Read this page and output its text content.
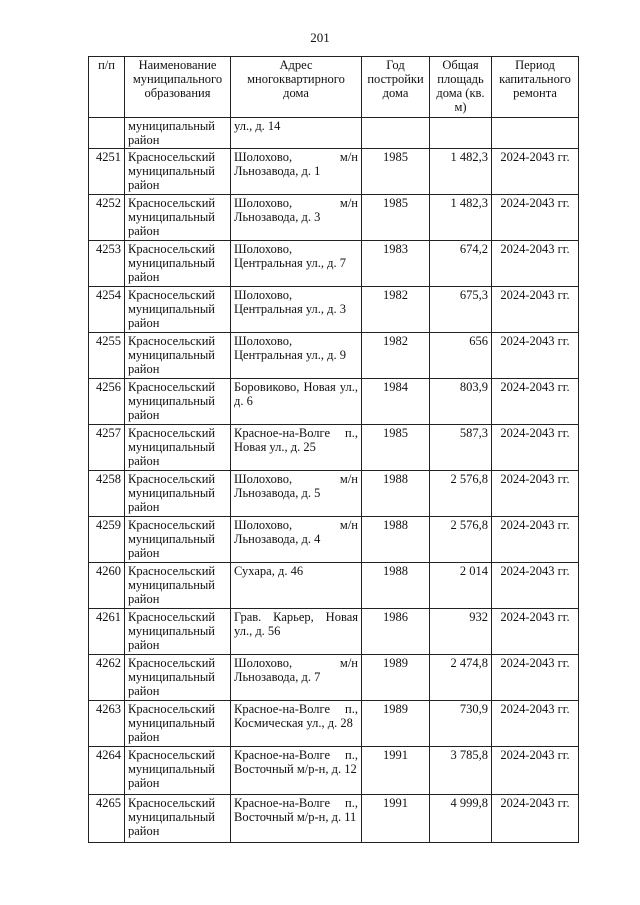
201
п/п	Наименование муниципального образования	Адрес многоквартирного дома	Год постройки дома	Общая площадь дома (кв. м)	Период капитального ремонта
	муниципальный район	ул., д. 14			
4251	Красносельский муниципальный район	Шолохово, м/н Льнозавода, д. 1	1985	1 482,3	2024-2043 гг.
4252	Красносельский муниципальный район	Шолохово, м/н Льнозавода, д. 3	1985	1 482,3	2024-2043 гг.
4253	Красносельский муниципальный район	Шолохово, Центральная ул., д. 7	1983	674,2	2024-2043 гг.
4254	Красносельский муниципальный район	Шолохово, Центральная ул., д. 3	1982	675,3	2024-2043 гг.
4255	Красносельский муниципальный район	Шолохово, Центральная ул., д. 9	1982	656	2024-2043 гг.
4256	Красносельский муниципальный район	Боровиково, Новая ул., д. 6	1984	803,9	2024-2043 гг.
4257	Красносельский муниципальный район	Красное-на-Волге п., Новая ул., д. 25	1985	587,3	2024-2043 гг.
4258	Красносельский муниципальный район	Шолохово, м/н Льнозавода, д. 5	1988	2 576,8	2024-2043 гг.
4259	Красносельский муниципальный район	Шолохово, м/н Льнозавода, д. 4	1988	2 576,8	2024-2043 гг.
4260	Красносельский муниципальный район	Сухара, д. 46	1988	2 014	2024-2043 гг.
4261	Красносельский муниципальный район	Грав. Карьер, Новая ул., д. 56	1986	932	2024-2043 гг.
4262	Красносельский муниципальный район	Шолохово, м/н Льнозавода, д. 7	1989	2 474,8	2024-2043 гг.
4263	Красносельский муниципальный район	Красное-на-Волге п., Космическая ул., д. 28	1989	730,9	2024-2043 гг.
4264	Красносельский муниципальный район	Красное-на-Волге п., Восточный м/р-н, д. 12	1991	3 785,8	2024-2043 гг.
4265	Красносельский муниципальный район	Красное-на-Волге п., Восточный м/р-н, д. 11	1991	4 999,8	2024-2043 гг.
